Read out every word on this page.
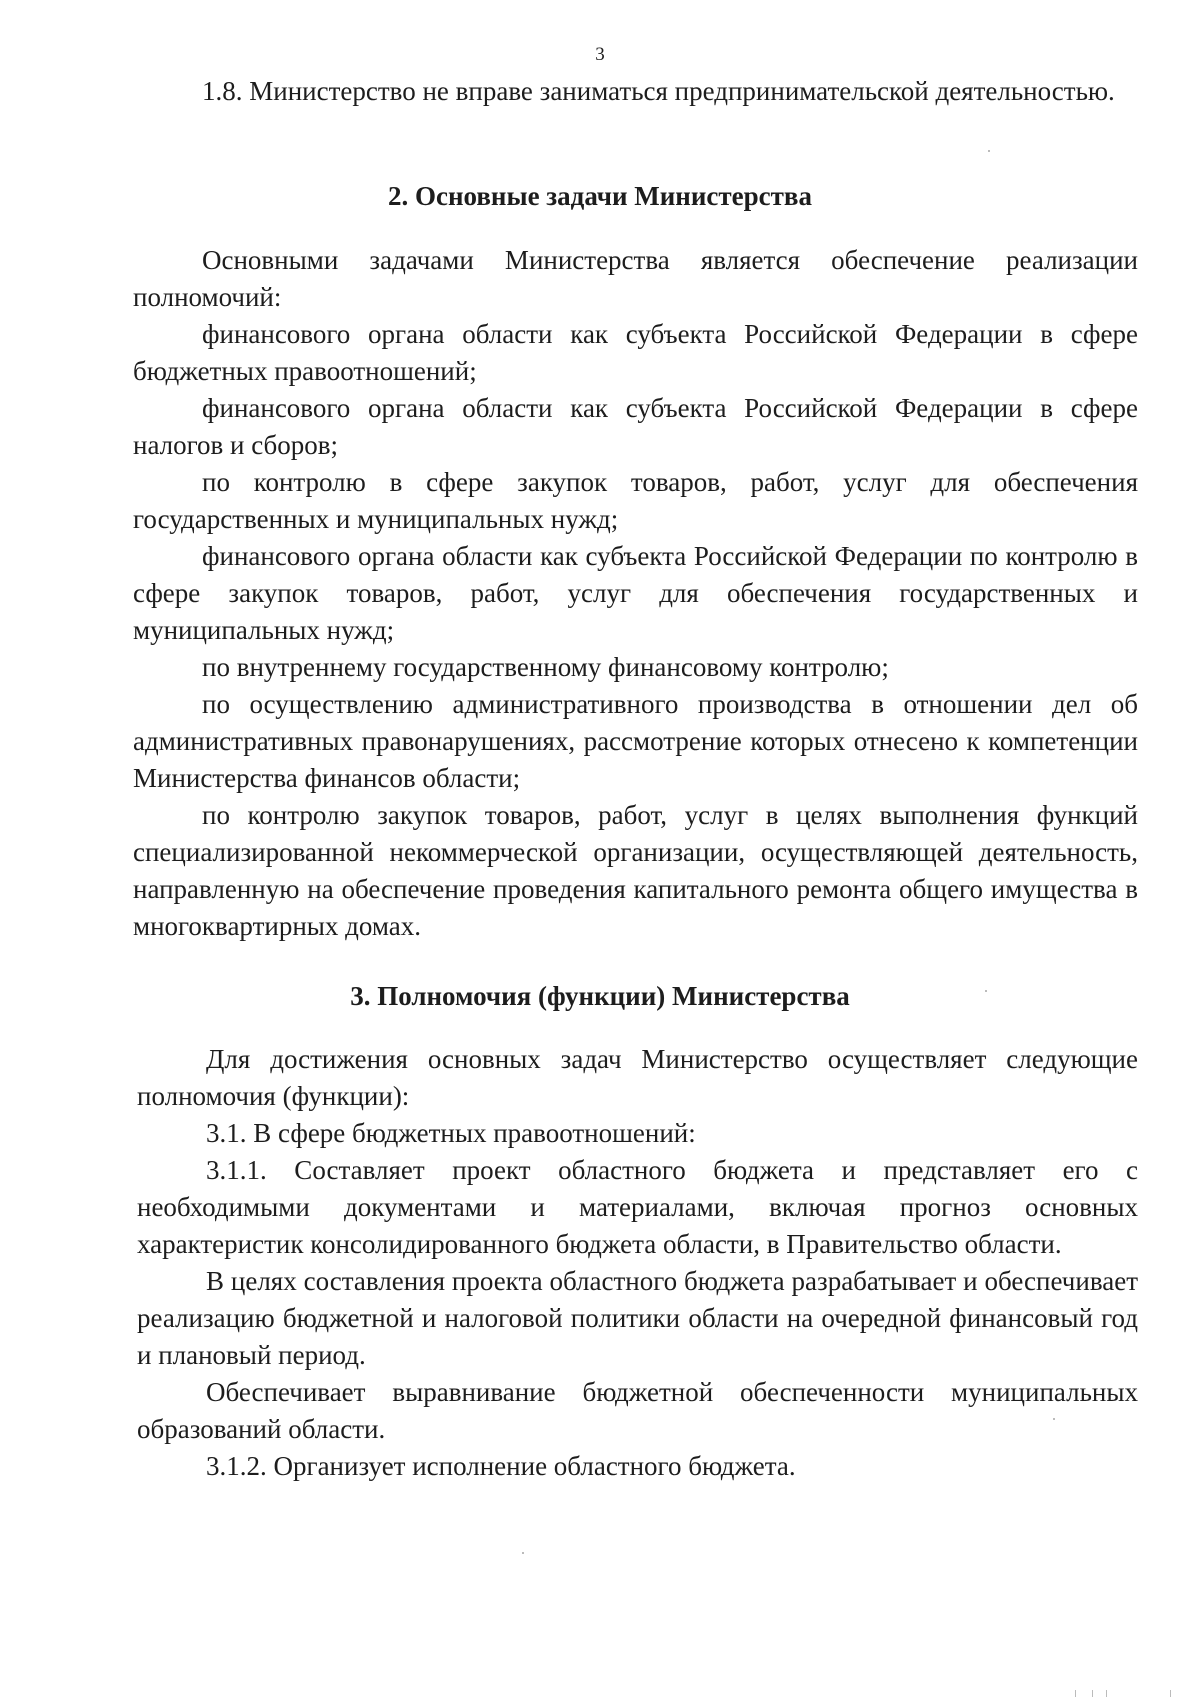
3

1.8. Министерство не вправе заниматься предпринимательской деятельностью.

2. Основные задачи Министерства

Основными задачами Министерства является обеспечение реализации полномочий:

финансового органа области как субъекта Российской Федерации в сфере бюджетных правоотношений;

финансового органа области как субъекта Российской Федерации в сфере налогов и сборов;

по контролю в сфере закупок товаров, работ, услуг для обеспечения государственных и муниципальных нужд;

финансового органа области как субъекта Российской Федерации по контролю в сфере закупок товаров, работ, услуг для обеспечения государственных и муниципальных нужд;

по внутреннему государственному финансовому контролю;

по осуществлению административного производства в отношении дел об административных правонарушениях, рассмотрение которых отнесено к компетенции Министерства финансов области;

по контролю закупок товаров, работ, услуг в целях выполнения функций специализированной некоммерческой организации, осуществляющей деятельность, направленную на обеспечение проведения капитального ремонта общего имущества в многоквартирных домах.

3. Полномочия (функции) Министерства

Для достижения основных задач Министерство осуществляет следующие полномочия (функции):

3.1. В сфере бюджетных правоотношений:

3.1.1. Составляет проект областного бюджета и представляет его с необходимыми документами и материалами, включая прогноз основных характеристик консолидированного бюджета области, в Правительство области.

В целях составления проекта областного бюджета разрабатывает и обеспечивает реализацию бюджетной и налоговой политики области на очередной финансовый год и плановый период.

Обеспечивает выравнивание бюджетной обеспеченности муниципальных образований области.

3.1.2. Организует исполнение областного бюджета.
